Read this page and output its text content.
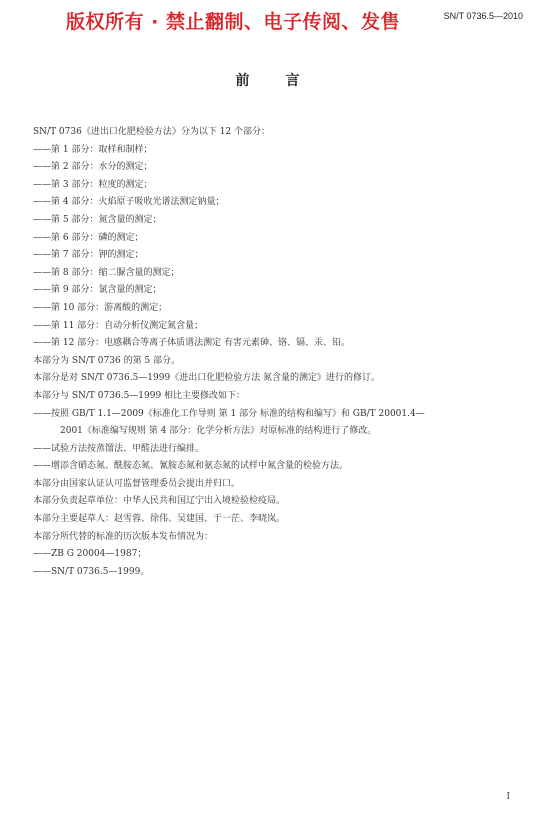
版权所有 · 禁止翻制、电子传阅、发售	SN/T 0736.5—2010
前言
SN/T 0736《进出口化肥检验方法》分为以下 12 个部分：
——第 1 部分：取样和制样；
——第 2 部分：水分的测定；
——第 3 部分：粒度的测定；
——第 4 部分：火焰原子吸收光谱法测定钠量；
——第 5 部分：氮含量的测定；
——第 6 部分：磷的测定；
——第 7 部分：钾的测定；
——第 8 部分：缩二脲含量的测定；
——第 9 部分：氯含量的测定；
——第 10 部分：游离酸的测定；
——第 11 部分：自动分析仪测定氮含量；
——第 12 部分：电感耦合等离子体质谱法测定 有害元素砷、铬、镉、汞、铅。
本部分为 SN/T 0736 的第 5 部分。
本部分是对 SN/T 0736.5—1999《进出口化肥检验方法 氮含量的测定》进行的修订。
本部分与 SN/T 0736.5—1999 相比主要修改如下：
——按照 GB/T 1.1—2009《标准化工作导则 第 1 部分 标准的结构和编写》和 GB/T 20001.4—
2001《标准编写规则 第 4 部分：化学分析方法》对原标准的结构进行了修改。
——试验方法按蒸馏法、甲醛法进行编排。
——增添含硝态氮、酰胺态氮、氰胺态氮和氨态氮的试样中氮含量的检验方法。
本部分由国家认证认可监督管理委员会提出并归口。
本部分负责起草单位：中华人民共和国辽宁出入境检验检疫局。
本部分主要起草人：赵雪蓉、徐伟、吴建国、于一茫、李晓岚。
本部分所代替的标准的历次版本发布情况为：
——ZB G 20004—1987；
——SN/T 0736.5—1999。
I
